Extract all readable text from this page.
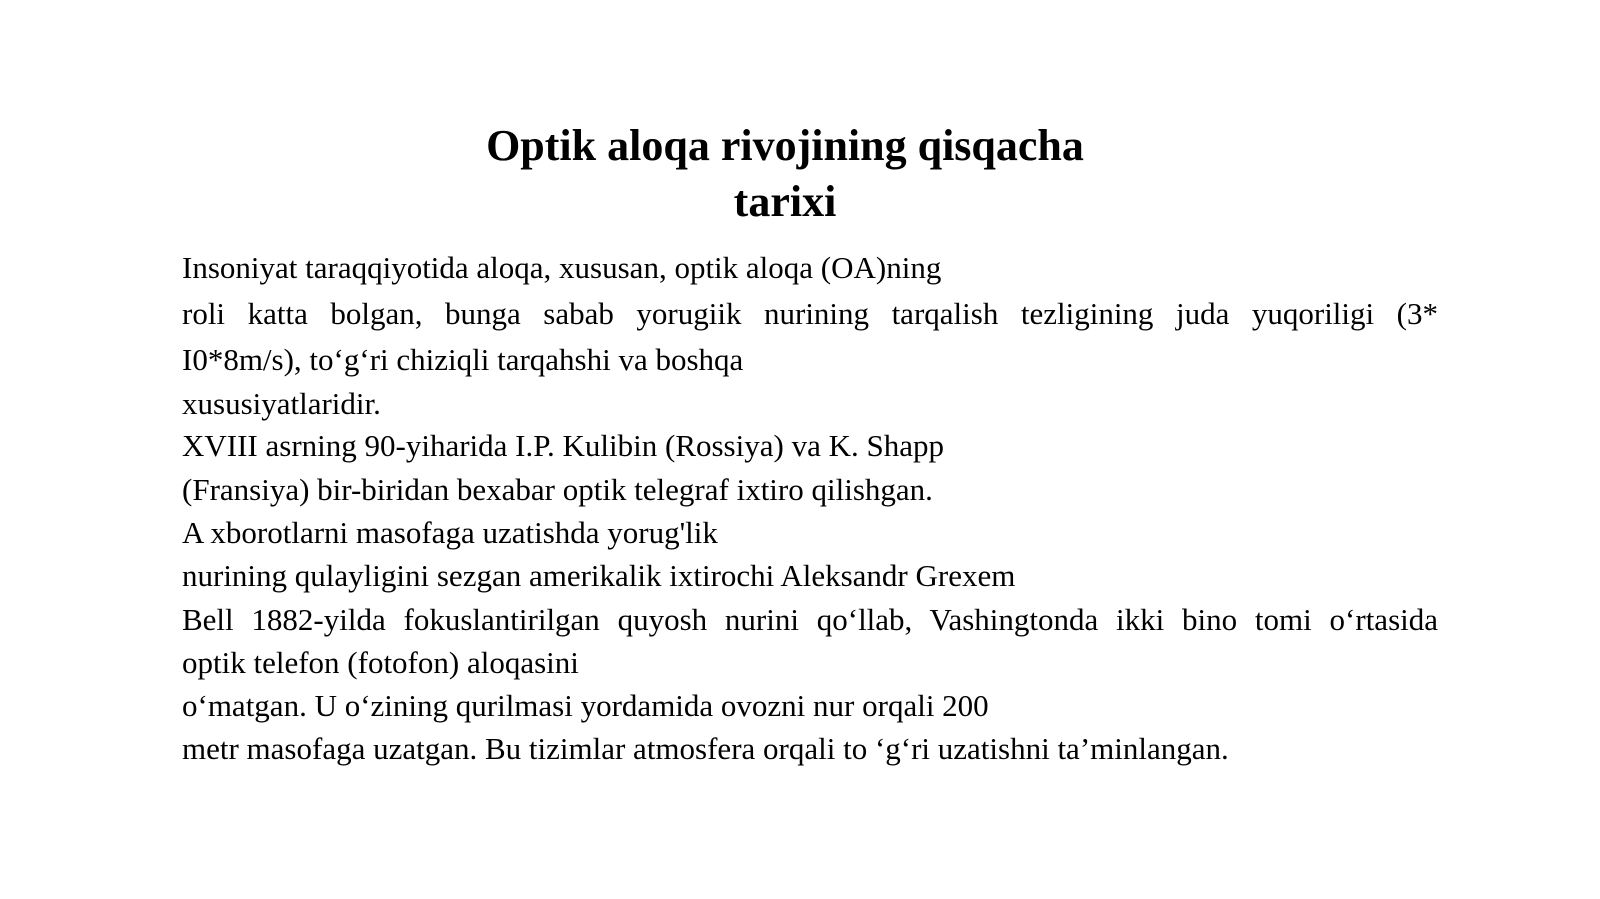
Optik aloqa rivojining qisqacha
tarixi
Insoniyat taraqqiyotida aloqa, xususan, optik aloqa (OA)ning
roli katta bolgan, bunga sabab yorugiik nurining tarqalish tezligining juda yuqoriligi (3*
I0*8m/s), to‘g‘ri chiziqli tarqahshi va boshqa
xususiyatlaridir.
XVIII asrning 90-yiharida I.P. Kulibin (Rossiya) va K. Shapp
(Fransiya) bir-biridan bexabar optik telegraf ixtiro qilishgan.
A xborotlarni masofaga uzatishda yorug'lik
nurining qulayligini sezgan amerikalik ixtirochi Aleksandr Grexem
Bell 1882-yilda fokuslantirilgan quyosh nurini qo‘llab, Vashingtonda ikki bino tomi o‘rtasida
optik telefon (fotofon) aloqasini
o‘matgan. U o‘zining qurilmasi yordamida ovozni nur orqali 200
metr masofaga uzatgan. Bu tizimlar atmosfera orqali to ‘g‘ri uzatishni ta’minlangan.
